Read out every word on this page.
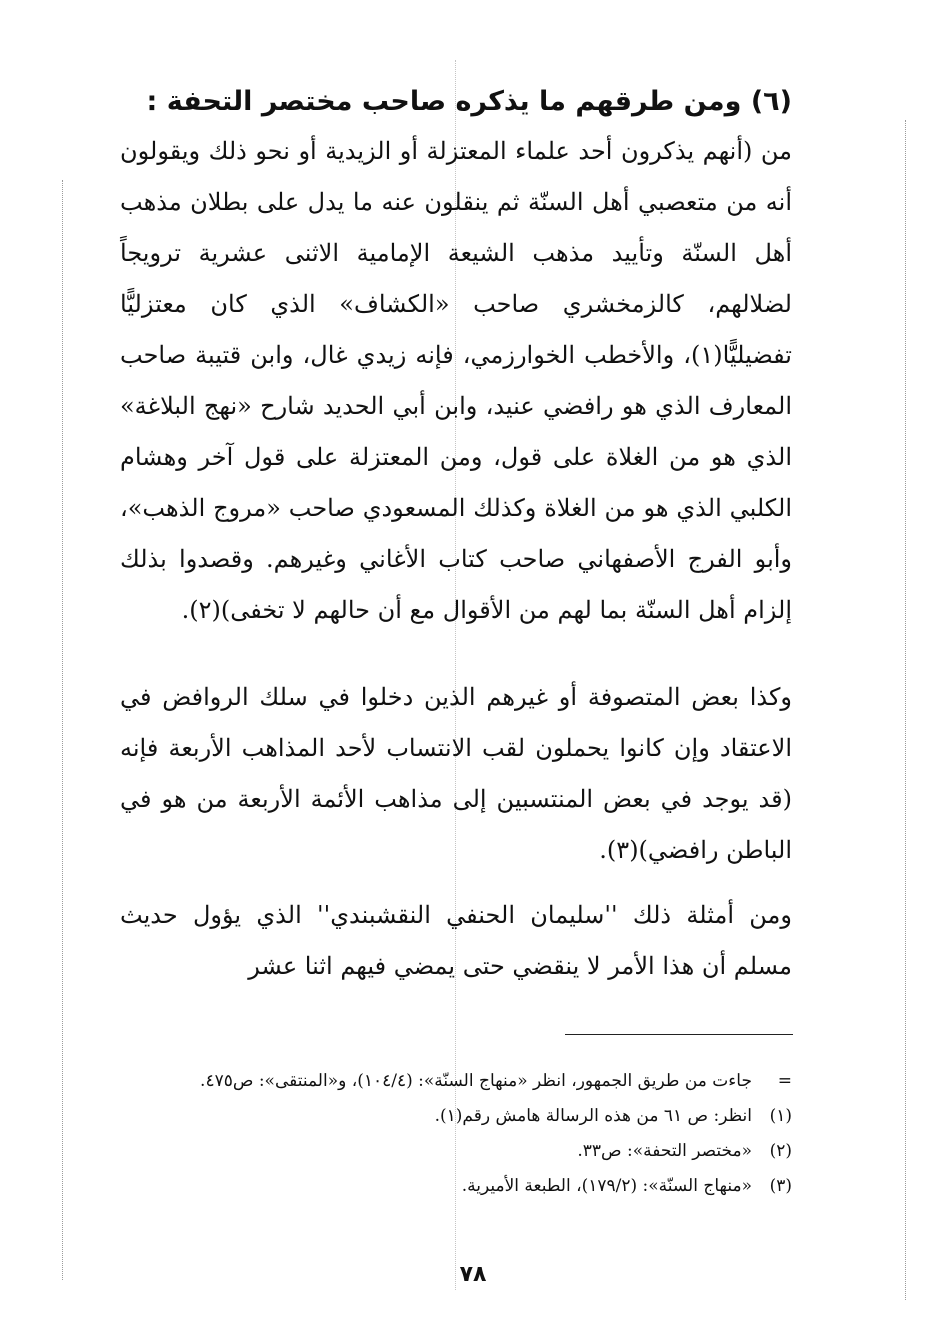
(٦) ومن طرقهم ما يذكره صاحب مختصر التحفة :

من (أنهم يذكرون أحد علماء المعتزلة أو الزيدية أو نحو ذلك ويقولون أنه من متعصبي أهل السنّة ثم ينقلون عنه ما يدل على بطلان مذهب أهل السنّة وتأييد مذهب الشيعة الإمامية الاثنى عشرية ترويجاً لضلالهم، كالزمخشري صاحب «الكشاف» الذي كان معتزليًّا تفضيليًّا(١)، والأخطب الخوارزمي، فإنه زيدي غال، وابن قتيبة صاحب المعارف الذي هو رافضي عنيد، وابن أبي الحديد شارح «نهج البلاغة» الذي هو من الغلاة على قول، ومن المعتزلة على قول آخر وهشام الكلبي الذي هو من الغلاة وكذلك المسعودي صاحب «مروج الذهب»، وأبو الفرج الأصفهاني صاحب كتاب الأغاني وغيرهم. وقصدوا بذلك إلزام أهل السنّة بما لهم من الأقوال مع أن حالهم لا تخفى)(٢).

وكذا بعض المتصوفة أو غيرهم الذين دخلوا في سلك الروافض في الاعتقاد وإن كانوا يحملون لقب الانتساب لأحد المذاهب الأربعة فإنه (قد يوجد في بعض المنتسبين إلى مذاهب الأئمة الأربعة من هو في الباطن رافضي)(٣).

ومن أمثلة ذلك ''سليمان الحنفي النقشبندي'' الذي يؤول حديث مسلم أن هذا الأمر لا ينقضي حتى يمضي فيهم اثنا عشر

=جاءت من طريق الجمهور، انظر «منهاج السنّة»: (١٠٤/٤)، و«المنتقى»: ص٤٧٥.
(١)انظر: ص ٦١ من هذه الرسالة هامش رقم(١).
(٢)«مختصر التحفة»: ص٣٣.
(٣)«منهاج السنّة»: (١٧٩/٢)، الطبعة الأميرية.
٧٨
